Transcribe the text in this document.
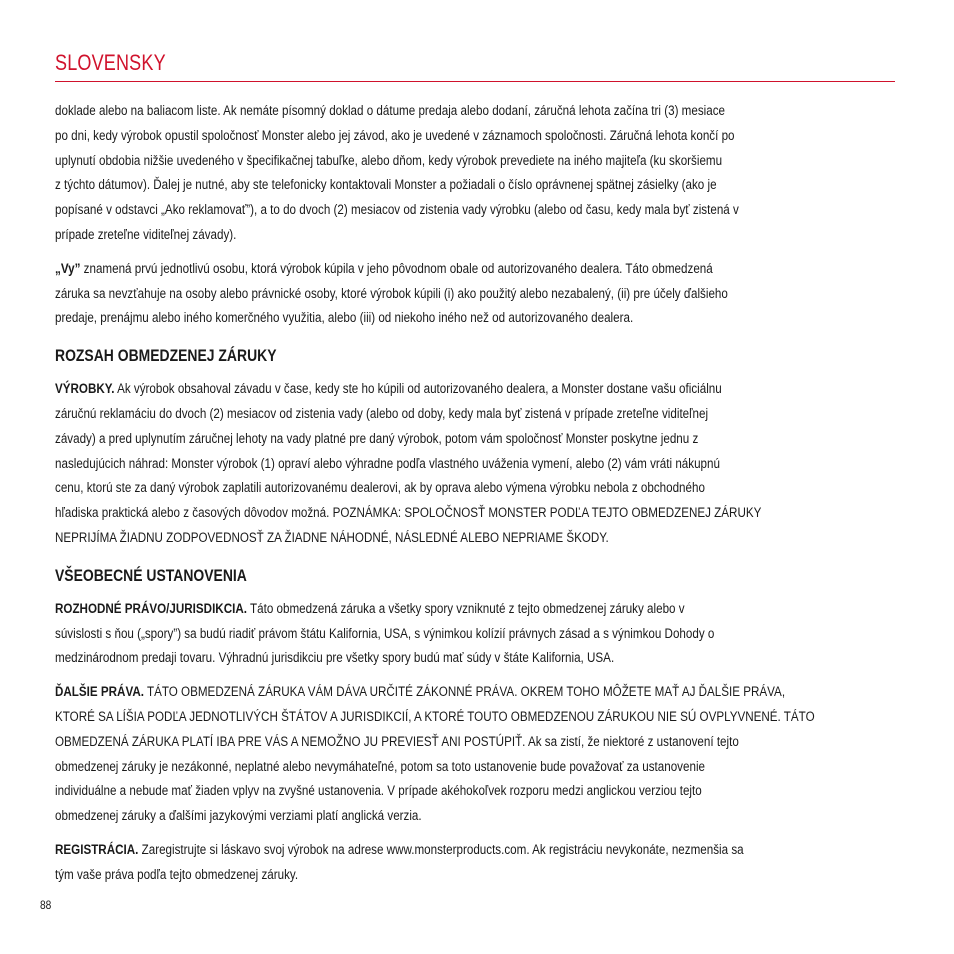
SLOVENSKY

doklade alebo na baliacom liste. Ak nemáte písomný doklad o dátume predaja alebo dodaní, záručná lehota začína tri (3) mesiace
po dni, kedy výrobok opustil spoločnosť Monster alebo jej závod, ako je uvedené v záznamoch spoločnosti. Záručná lehota končí po
uplynutí obdobia nižšie uvedeného v špecifikačnej tabuľke, alebo dňom, kedy výrobok prevediete na iného majiteľa (ku skoršiemu
z týchto dátumov). Ďalej je nutné, aby ste telefonicky kontaktovali Monster a požiadali o číslo oprávnenej spätnej zásielky (ako je
popísané v odstavci „Ako reklamovať”), a to do dvoch (2) mesiacov od zistenia vady výrobku (alebo od času, kedy mala byť zistená v
prípade zreteľne viditeľnej závady).

„Vy” znamená prvú jednotlivú osobu, ktorá výrobok kúpila v jeho pôvodnom obale od autorizovaného dealera. Táto obmedzená
záruka sa nevzťahuje na osoby alebo právnické osoby, ktoré výrobok kúpili (i) ako použitý alebo nezabalený, (ii) pre účely ďalšieho
predaje, prenájmu alebo iného komerčného využitia, alebo (iii) od niekoho iného než od autorizovaného dealera.

ROZSAH OBMEDZENEJ ZÁRUKY

VÝROBKY. Ak výrobok obsahoval závadu v čase, kedy ste ho kúpili od autorizovaného dealera, a Monster dostane vašu oficiálnu
záručnú reklamáciu do dvoch (2) mesiacov od zistenia vady (alebo od doby, kedy mala byť zistená v prípade zreteľne viditeľnej
závady) a pred uplynutím záručnej lehoty na vady platné pre daný výrobok, potom vám spoločnosť Monster poskytne jednu z
nasledujúcich náhrad: Monster výrobok (1) opraví alebo výhradne podľa vlastného uváženia vymení, alebo (2) vám vráti nákupnú
cenu, ktorú ste za daný výrobok zaplatili autorizovanému dealerovi, ak by oprava alebo výmena výrobku nebola z obchodného
hľadiska praktická alebo z časových dôvodov možná. POZNÁMKA: SPOLOČNOSŤ MONSTER PODĽA TEJTO OBMEDZENEJ ZÁRUKY
NEPRIJÍMA ŽIADNU ZODPOVEDNOSŤ ZA ŽIADNE NÁHODNÉ, NÁSLEDNÉ ALEBO NEPRIAME ŠKODY.

VŠEOBECNÉ USTANOVENIA

ROZHODNÉ PRÁVO/JURISDIKCIA. Táto obmedzená záruka a všetky spory vzniknuté z tejto obmedzenej záruky alebo v
súvislosti s ňou („spory”) sa budú riadiť právom štátu Kalifornia, USA, s výnimkou kolízií právnych zásad a s výnimkou Dohody o
medzinárodnom predaji tovaru. Výhradnú jurisdikciu pre všetky spory budú mať súdy v štáte Kalifornia, USA.

ĎALŠIE PRÁVA. TÁTO OBMEDZENÁ ZÁRUKA VÁM DÁVA URČITÉ ZÁKONNÉ PRÁVA. OKREM TOHO MÔŽETE MAŤ AJ ĎALŠIE PRÁVA,
KTORÉ SA LÍŠIA PODĽA JEDNOTLIVÝCH ŠTÁTOV A JURISDIKCIÍ, A KTORÉ TOUTO OBMEDZENOU ZÁRUKOU NIE SÚ OVPLYVNENÉ. TÁTO
OBMEDZENÁ ZÁRUKA PLATÍ IBA PRE VÁS A NEMOŽNO JU PREVIESŤ ANI POSTÚPIŤ. Ak sa zistí, že niektoré z ustanovení tejto
obmedzenej záruky je nezákonné, neplatné alebo nevymáhateľné, potom sa toto ustanovenie bude považovať za ustanovenie
individuálne a nebude mať žiaden vplyv na zvyšné ustanovenia. V prípade akéhokoľvek rozporu medzi anglickou verziou tejto
obmedzenej záruky a ďalšími jazykovými verziami platí anglická verzia.

REGISTRÁCIA. Zaregistrujte si láskavo svoj výrobok na adrese www.monsterproducts.com. Ak registráciu nevykonáte, nezmenšia sa
tým vaše práva podľa tejto obmedzenej záruky.

88
